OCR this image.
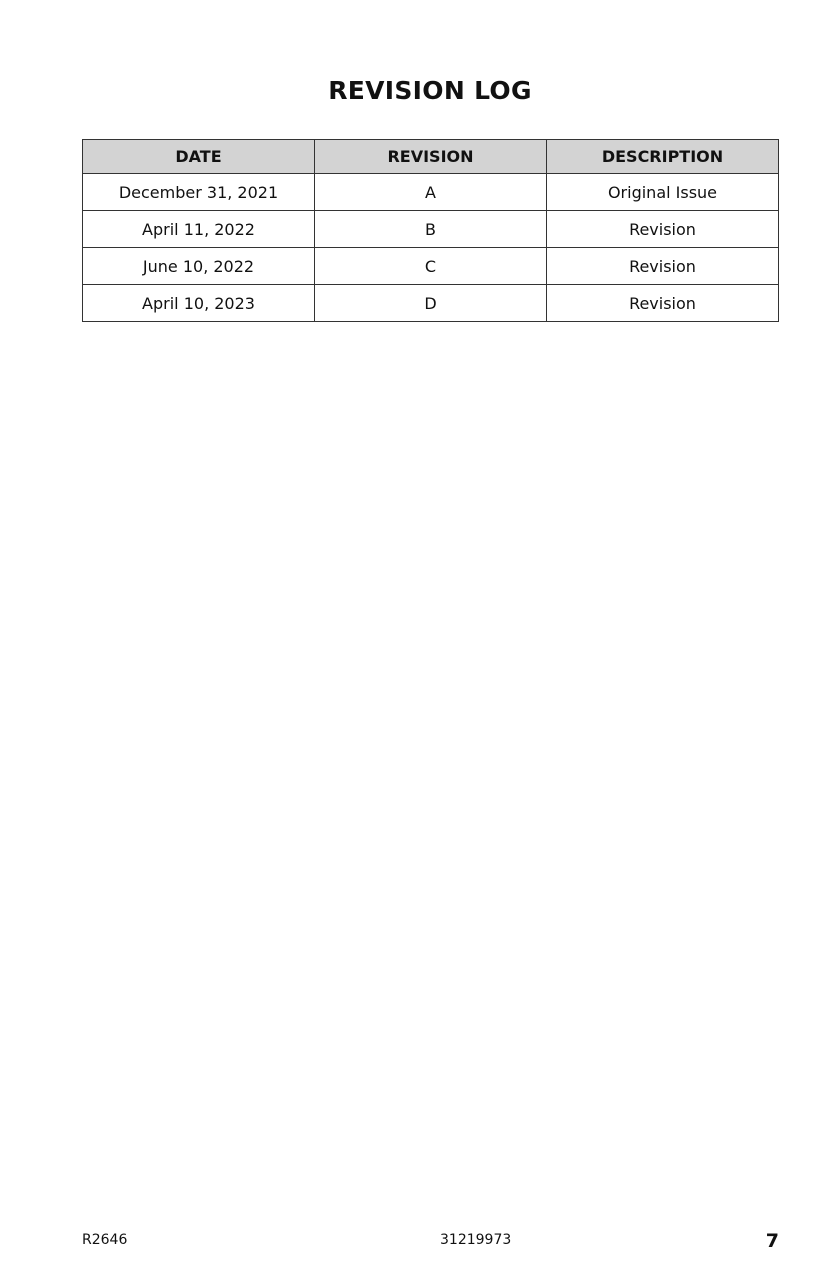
REVISION LOG
DATE	REVISION	DESCRIPTION
December 31, 2021	A	Original Issue
April 11, 2022	B	Revision
June 10, 2022	C	Revision
April 10, 2023	D	Revision
R2646	31219973	7
